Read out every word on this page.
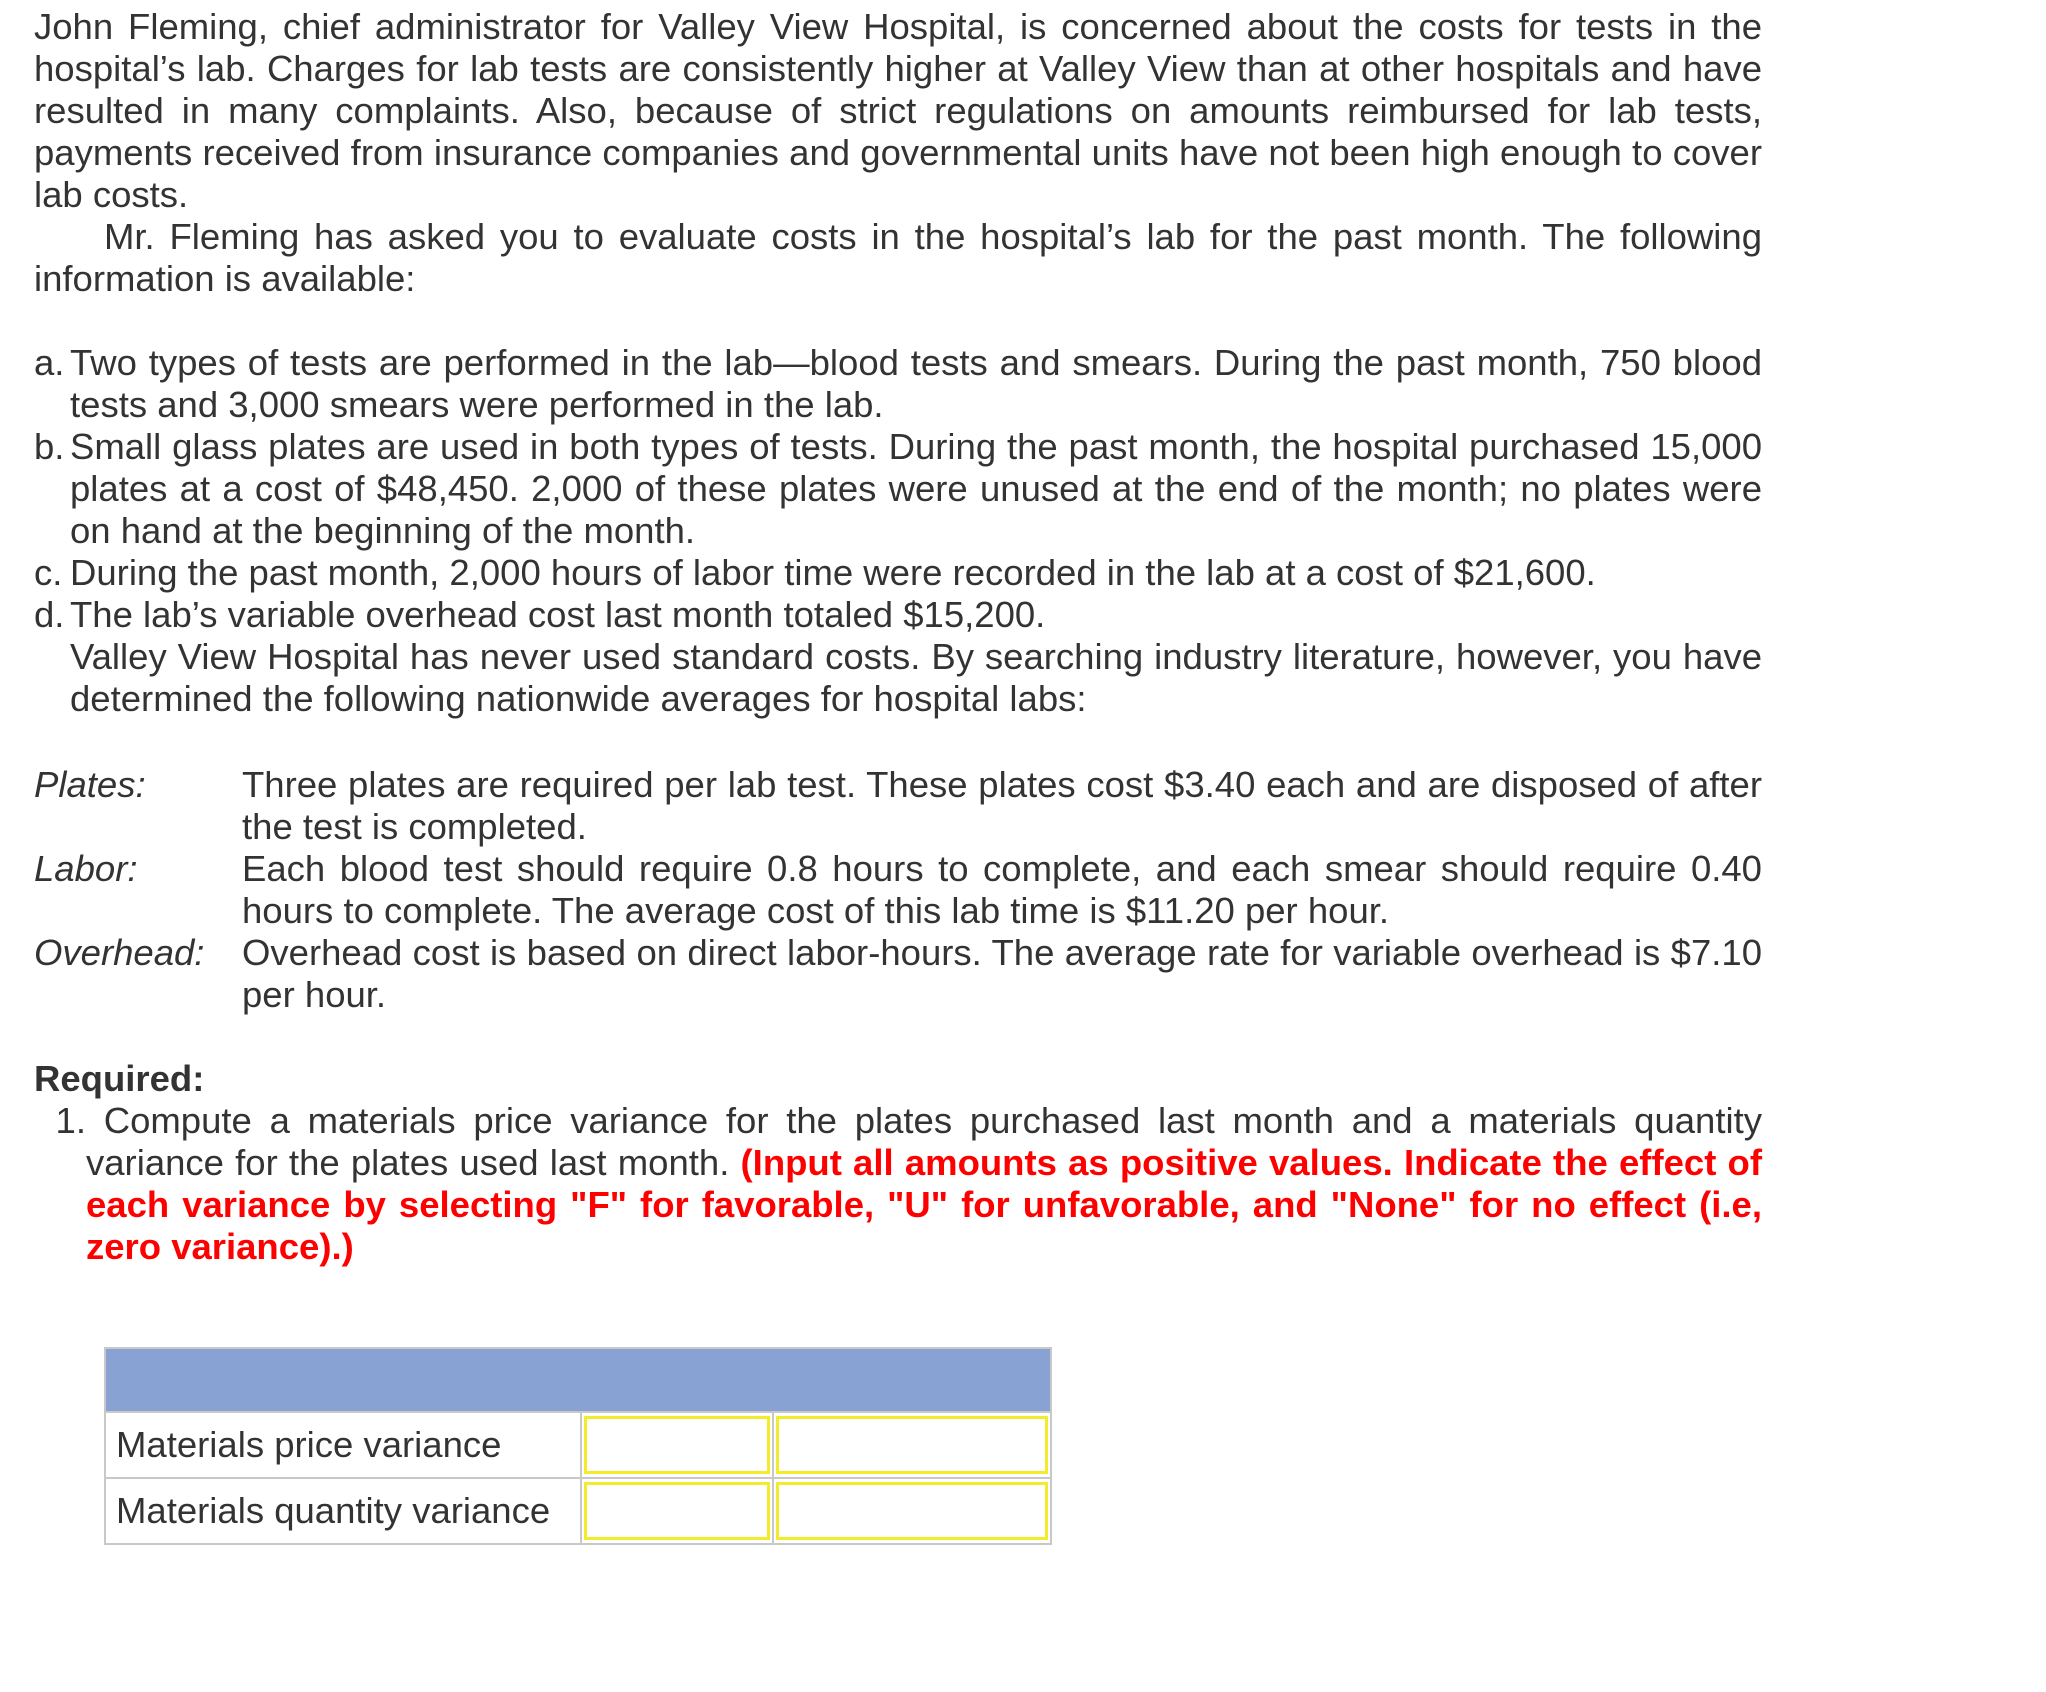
John Fleming, chief administrator for Valley View Hospital, is concerned about the costs for tests in the hospital’s lab. Charges for lab tests are consistently higher at Valley View than at other hospitals and have resulted in many complaints. Also, because of strict regulations on amounts reimbursed for lab tests, payments received from insurance companies and governmental units have not been high enough to cover lab costs.

Mr. Fleming has asked you to evaluate costs in the hospital’s lab for the past month. The following information is available:

a. Two types of tests are performed in the lab—blood tests and smears. During the past month, 750 blood tests and 3,000 smears were performed in the lab.
b. Small glass plates are used in both types of tests. During the past month, the hospital purchased 15,000 plates at a cost of $48,450. 2,000 of these plates were unused at the end of the month; no plates were on hand at the beginning of the month.
c. During the past month, 2,000 hours of labor time were recorded in the lab at a cost of $21,600.
d. The lab’s variable overhead cost last month totaled $15,200.

Valley View Hospital has never used standard costs. By searching industry literature, however, you have determined the following nationwide averages for hospital labs:

Plates:	Three plates are required per lab test. These plates cost $3.40 each and are disposed of after the test is completed.
Labor:	Each blood test should require 0.8 hours to complete, and each smear should require 0.40 hours to complete. The average cost of this lab time is $11.20 per hour.
Overhead:	Overhead cost is based on direct labor-hours. The average rate for variable overhead is $7.10 per hour.

Required:

1. Compute a materials price variance for the plates purchased last month and a materials quantity variance for the plates used last month. (Input all amounts as positive values. Indicate the effect of each variance by selecting "F" for favorable, "U" for unfavorable, and "None" for no effect (i.e, zero variance).)

Materials price variance	

Materials quantity variance	
